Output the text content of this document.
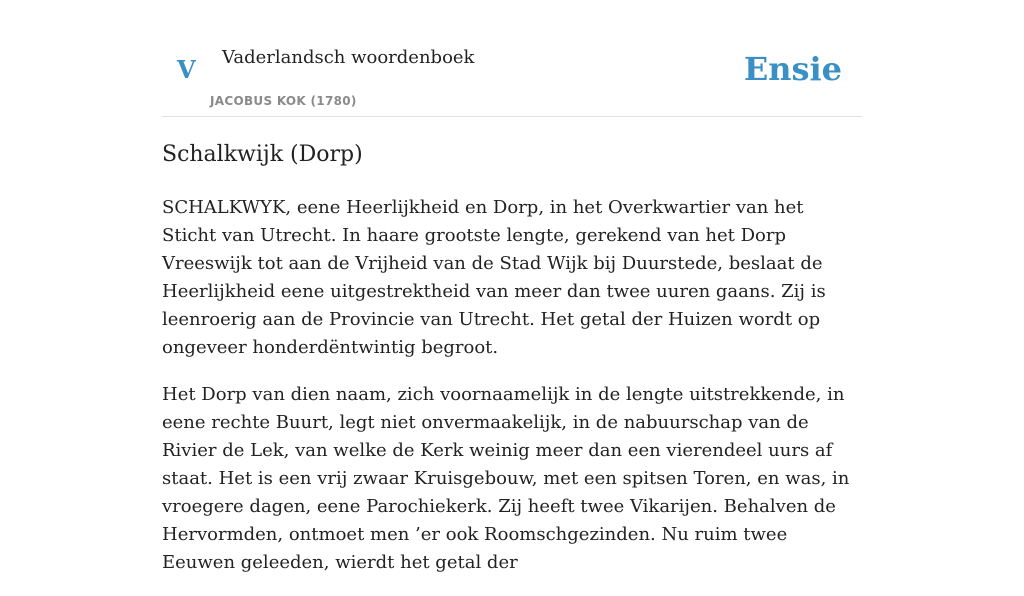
V Vaderlandsch woordenboek
JACOBUS KOK (1780)
Ensie
Schalkwijk (Dorp)

SCHALKWYK, eene Heerlijkheid en Dorp, in het Overkwartier van het Sticht van Utrecht. In haare grootste lengte, gerekend van het Dorp Vreeswijk tot aan de Vrijheid van de Stad Wijk bij Duurstede, beslaat de Heerlijkheid eene uitgestrektheid van meer dan twee uuren gaans. Zij is leenroerig aan de Provincie van Utrecht. Het getal der Huizen wordt op ongeveer honderdëntwintig begroot.

Het Dorp van dien naam, zich voornaamelijk in de lengte uitstrekkende, in eene rechte Buurt, legt niet onvermaakelijk, in de nabuurschap van de Rivier de Lek, van welke de Kerk weinig meer dan een vierendeel uurs af staat. Het is een vrij zwaar Kruisgebouw, met een spitsen Toren, en was, in vroegere dagen, eene Parochiekerk. Zij heeft twee Vikarijen. Behalven de Hervormden, ontmoet men ’er ook Roomschgezinden. Nu ruim twee Eeuwen geleeden, wierdt het getal der
